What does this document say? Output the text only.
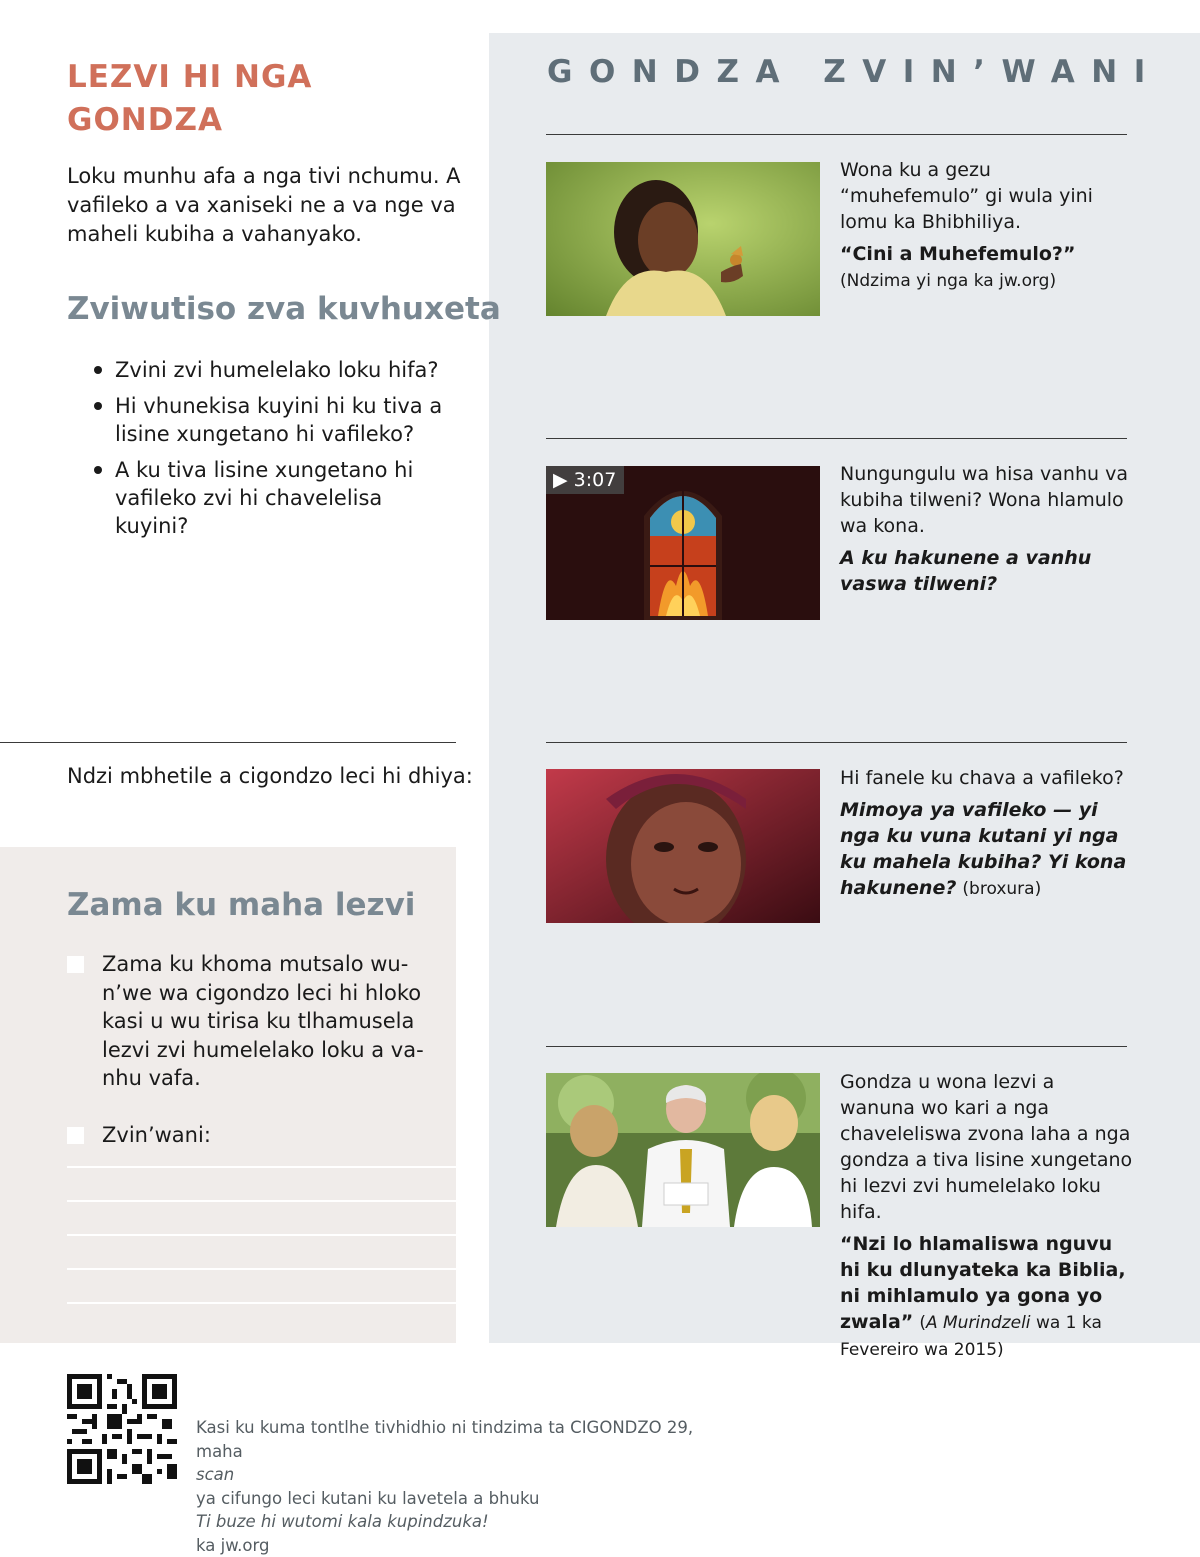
LEZVI HI NGA GONDZA

Loku munhu afa a nga tivi nchumu. A vafileko a va xaniseki ne a va nge va maheli kubiha a vahanyako.

Zviwutiso zva kuvhuxeta
Zvini zvi humelelako loku hifa?
Hi vhunekisa kuyini hi ku tiva a lisine xungetano hi vafileko?
A ku tiva lisine xungetano hi vafileko zvi hi chavelelisa kuyini?

Ndzi mbhetile a cigondzo leci hi dhiya:

Zama ku maha lezvi
Zama ku khoma mutsalo wun’we wa cigondzo leci hi hloko kasi u wu tirisa ku tlhamusela lezvi zvi humelelako loku a vanhu vafa.
Zvin’wani:
GONDZA ZVIN’WANI

Wona ku a gezu “muhefemulo” gi wula yini lomu ka Bhibhiliya.

“Cini a Muhefemulo?”
(Ndzima yi nga ka jw.org)

▶ 3:07	Nungungulu wa hisa vanhu va kubiha tilweni? Wona hlamulo wa kona.

A ku hakunene a vanhu vaswa tilweni?

Hi fanele ku chava a vafileko?

Mimoya ya vafileko — yi nga ku vuna kutani yi nga ku mahela kubiha? Yi kona hakunene? (broxura)

Gondza u wona lezvi a wanuna wo kari a nga chaveleliswa zvona laha a nga gondza a tiva lisine xungetano hi lezvi zvi humelelako loku hifa.

“Nzi lo hlamaliswa nguvu hi ku dlunyateka ka Biblia, ni mihlamulo ya gona yo zwala” (A Murindzeli wa 1 ka Fevereiro wa 2015)

Kasi ku kuma tontlhe tivhidhio ni tindzima ta CIGONDZO 29,
maha
scan
ya cifungo leci kutani ku lavetela a bhuku
Ti buze hi wutomi kala kupindzuka!
ka jw.org
